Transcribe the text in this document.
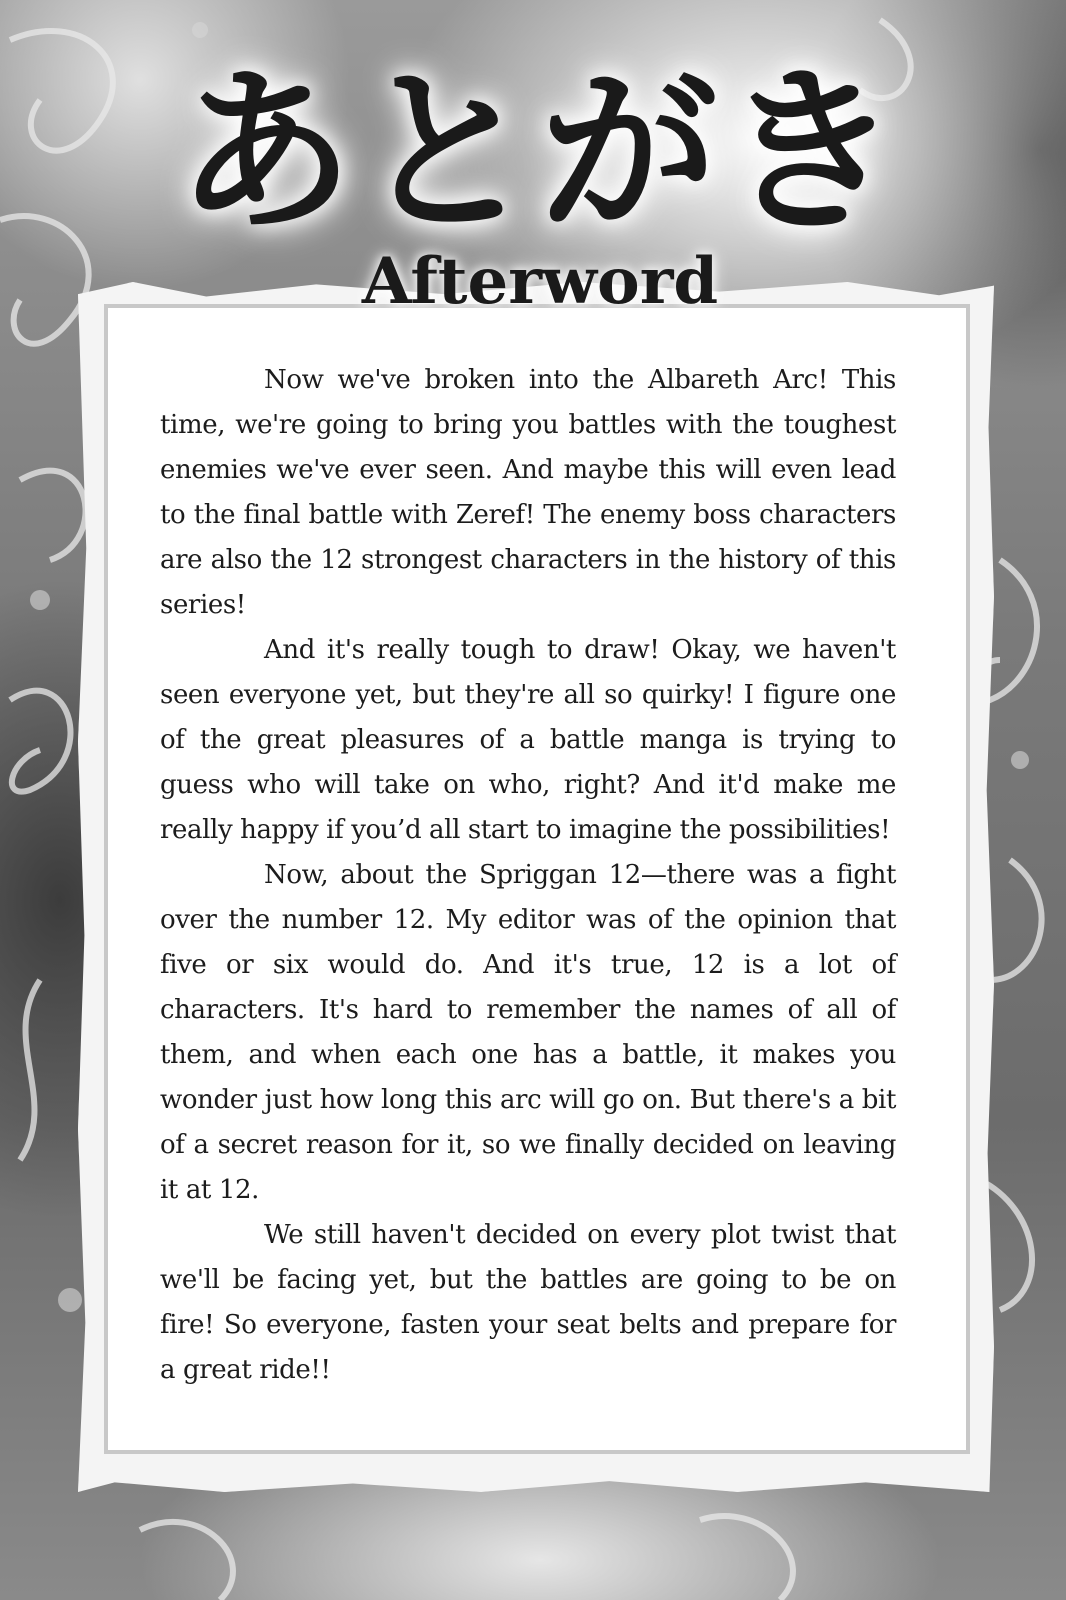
あとがき
Afterword

Now we've broken into the Albareth Arc! This time, we're going to bring you battles with the toughest enemies we've ever seen. And maybe this will even lead to the final battle with Zeref! The enemy boss characters are also the 12 strongest characters in the history of this series!

And it's really tough to draw! Okay, we haven't seen everyone yet, but they're all so quirky! I figure one of the great pleasures of a battle manga is trying to guess who will take on who, right? And it'd make me really happy if you’d all start to imagine the possibilities!

Now, about the Spriggan 12—there was a fight over the number 12. My editor was of the opinion that five or six would do. And it's true, 12 is a lot of characters. It's hard to remember the names of all of them, and when each one has a battle, it makes you wonder just how long this arc will go on. But there's a bit of a secret reason for it, so we finally decided on leaving it at 12.

We still haven't decided on every plot twist that we'll be facing yet, but the battles are going to be on fire! So everyone, fasten your seat belts and prepare for a great ride!!
